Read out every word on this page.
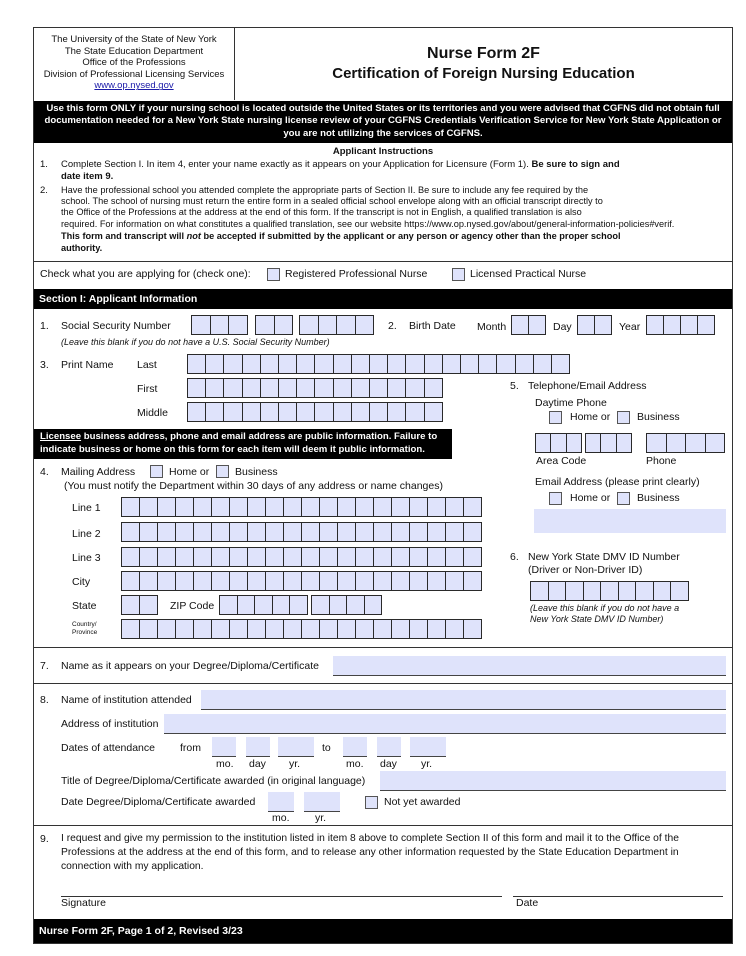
The University of the State of New York
The State Education Department
Office of the Professions
Division of Professional Licensing Services
www.op.nysed.gov
Nurse Form 2F
Certification of Foreign Nursing Education
Use this form ONLY if your nursing school is located outside the United States or its territories and you were advised that CGFNS did not obtain full documentation needed for a New York State nursing license review of your CGFNS Credentials Verification Service for New York State Application or you are not utilizing the services of CGFNS.
Applicant Instructions
1. Complete Section I. In item 4, enter your name exactly as it appears on your Application for Licensure (Form 1). Be sure to sign and
date item 9.
2. Have the professional school you attended complete the appropriate parts of Section II. Be sure to include any fee required by the
school. The school of nursing must return the entire form in a sealed official school envelope along with an official transcript directly to
the Office of the Professions at the address at the end of this form. If the transcript is not in English, a qualified translation is also
required. For information on what constitutes a qualified translation, see our website https://www.op.nysed.gov/about/general-information-policies#verif.
This form and transcript will not be accepted if submitted by the applicant or any person or agency other than the proper school
authority.
Check what you are applying for (check one):	Registered Professional Nurse	Licensed Practical Nurse
Section I: Applicant Information
1. Social Security Number
(Leave this blank if you do not have a U.S. Social Security Number)
2. Birth Date Month	Day	Year
3. Print Name Last
First
Middle
5. Telephone/Email Address
Daytime Phone
Home or	Business
Area Code	Phone
Email Address (please print clearly)
Home or	Business
Licensee business address, phone and email address are public information. Failure to
indicate business or home on this form for each item will deem it public information.
4. Mailing Address	Home or Business
(You must notify the Department within 30 days of any address or name changes)
Line 1
Line 2
Line 3
City
State	ZIP Code
Country/
Province
6. New York State DMV ID Number
(Driver or Non-Driver ID)
(Leave this blank if you do not have a
New York State DMV ID Number)
7. Name as it appears on your Degree/Diploma/Certificate
8. Name of institution attended
Address of institution
Dates of attendance from	to
mo. day yr.	mo. day yr.
Title of Degree/Diploma/Certificate awarded (in original language)
Date Degree/Diploma/Certificate awarded
mo. yr.
Not yet awarded
9. I request and give my permission to the institution listed in item 8 above to complete Section II of this form and mail it to the Office of the
Professions at the address at the end of this form, and to release any other information requested by the State Education Department in
connection with my application.
Signature	Date
Nurse Form 2F, Page 1 of 2, Revised 3/23
